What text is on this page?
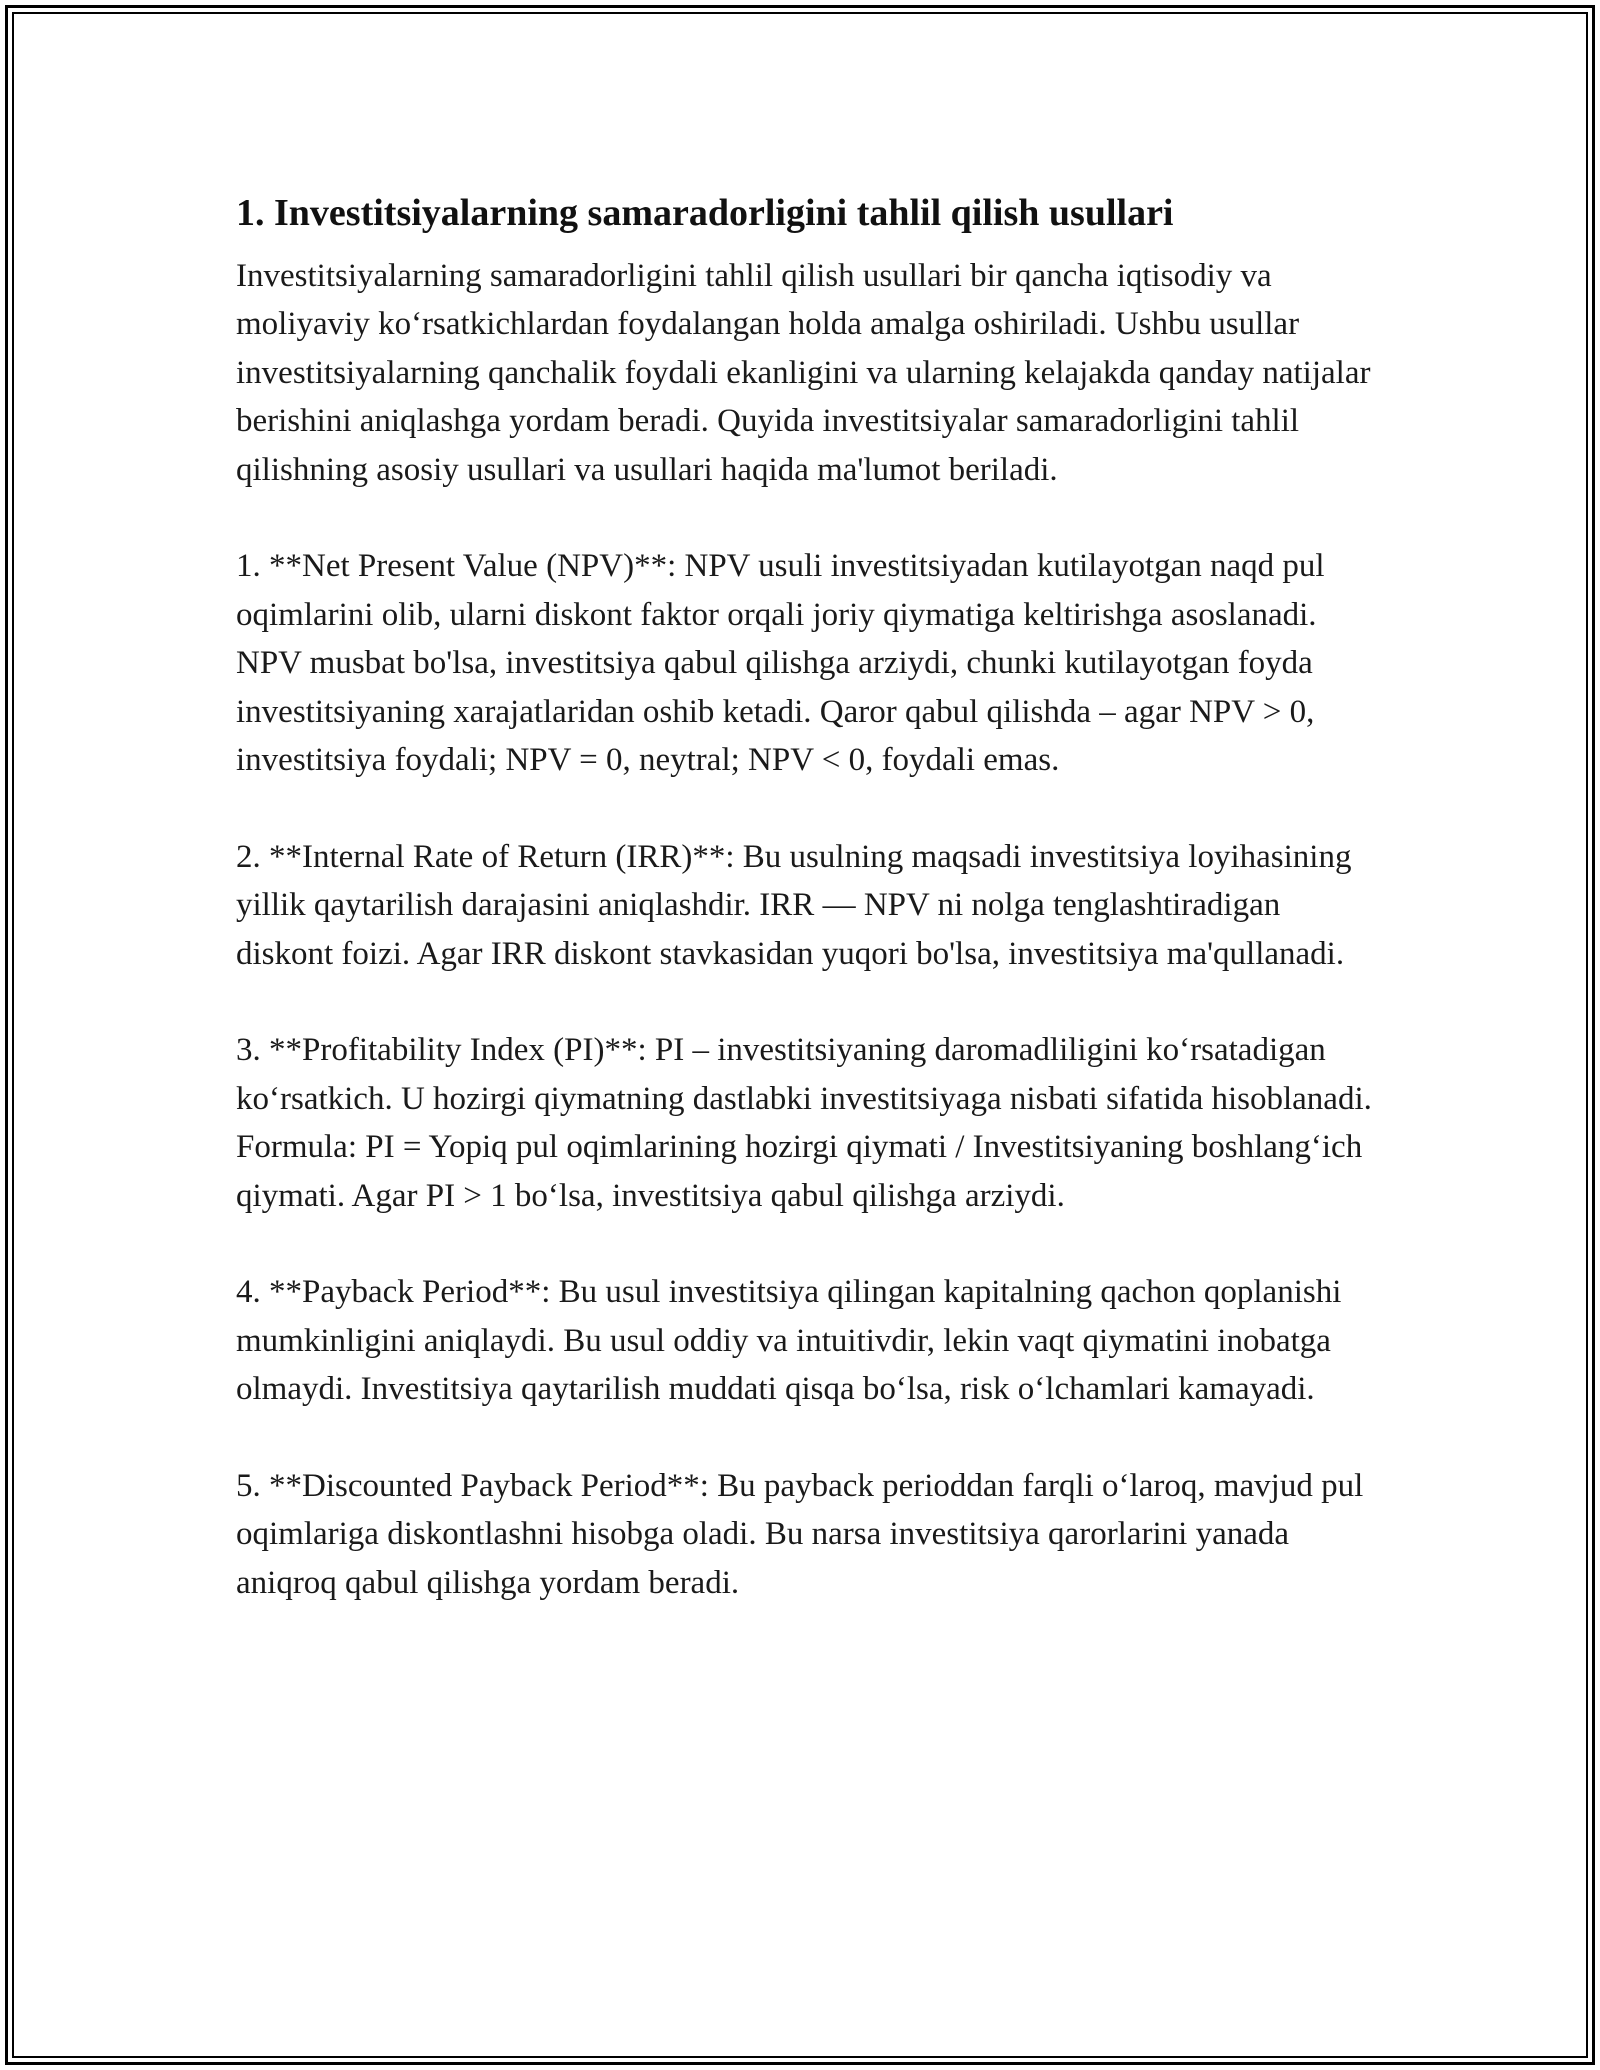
1. Investitsiyalarning samaradorligini tahlil qilish usullari

Investitsiyalarning samaradorligini tahlil qilish usullari bir qancha iqtisodiy va moliyaviy ko‘rsatkichlardan foydalangan holda amalga oshiriladi. Ushbu usullar investitsiyalarning qanchalik foydali ekanligini va ularning kelajakda qanday natijalar berishini aniqlashga yordam beradi. Quyida investitsiyalar samaradorligini tahlil qilishning asosiy usullari va usullari haqida ma'lumot beriladi.

1. **Net Present Value (NPV)**: NPV usuli investitsiyadan kutilayotgan naqd pul oqimlarini olib, ularni diskont faktor orqali joriy qiymatiga keltirishga asoslanadi. NPV musbat bo'lsa, investitsiya qabul qilishga arziydi, chunki kutilayotgan foyda investitsiyaning xarajatlaridan oshib ketadi. Qaror qabul qilishda – agar NPV > 0, investitsiya foydali; NPV = 0, neytral; NPV < 0, foydali emas.

2. **Internal Rate of Return (IRR)**: Bu usulning maqsadi investitsiya loyihasining yillik qaytarilish darajasini aniqlashdir. IRR — NPV ni nolga tenglashtiradigan diskont foizi. Agar IRR diskont stavkasidan yuqori bo'lsa, investitsiya ma'qullanadi.

3. **Profitability Index (PI)**: PI – investitsiyaning daromadliligini ko‘rsatadigan ko‘rsatkich. U hozirgi qiymatning dastlabki investitsiyaga nisbati sifatida hisoblanadi. Formula: PI = Yopiq pul oqimlarining hozirgi qiymati / Investitsiyaning boshlang‘ich qiymati. Agar PI > 1 bo‘lsa, investitsiya qabul qilishga arziydi.

4. **Payback Period**: Bu usul investitsiya qilingan kapitalning qachon qoplanishi mumkinligini aniqlaydi. Bu usul oddiy va intuitivdir, lekin vaqt qiymatini inobatga olmaydi. Investitsiya qaytarilish muddati qisqa bo‘lsa, risk o‘lchamlari kamayadi.

5. **Discounted Payback Period**: Bu payback perioddan farqli o‘laroq, mavjud pul oqimlariga diskontlashni hisobga oladi. Bu narsa investitsiya qarorlarini yanada aniqroq qabul qilishga yordam beradi.
